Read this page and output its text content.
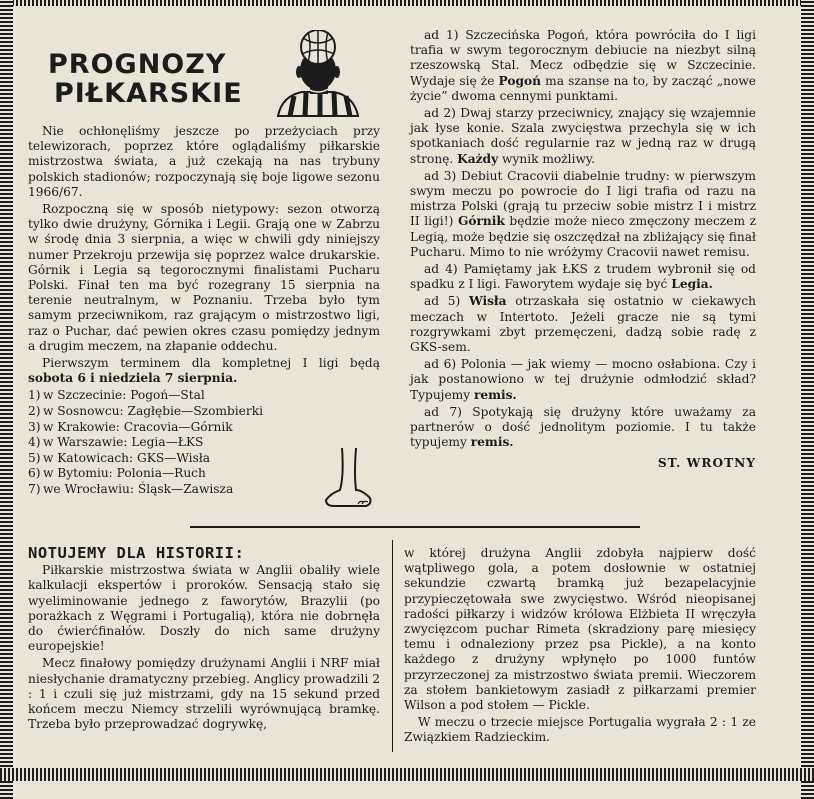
PROGNOZY
PIŁKARSKIE

Nie ochłonęliśmy jeszcze po przeżyciach przy telewizorach, poprzez które oglądaliśmy piłkarskie mistrzostwa świata, a już czekają na nas trybuny polskich stadionów; rozpoczynają się boje ligowe sezonu 1966/67.

Rozpoczną się w sposób nietypowy: sezon otworzą tylko dwie drużyny, Górnika i Legii. Grają one w Zabrzu w środę dnia 3 sierpnia, a więc w chwili gdy niniejszy numer Przekroju przewija się poprzez walce drukarskie. Górnik i Legia są tegorocznymi finalistami Pucharu Polski. Finał ten ma być rozegrany 15 sierpnia na terenie neutralnym, w Poznaniu. Trzeba było tym samym przeciwnikom, raz grającym o mistrzostwo ligi, raz o Puchar, dać pewien okres czasu pomiędzy jednym a drugim meczem, na złapanie oddechu.

Pierwszym terminem dla kompletnej I ligi będą sobota 6 i niedziela 7 sierpnia.

1) w Szczecinie: Pogoń—Stal
2) w Sosnowcu: Zagłębie—Szombierki
3) w Krakowie: Cracovia—Górnik
4) w Warszawie: Legia—ŁKS
5) w Katowicach: GKS—Wisła
6) w Bytomiu: Polonia—Ruch
7) we Wrocławiu: Śląsk—Zawisza

ad 1) Szczecińska Pogoń, która powróciła do I ligi trafia w swym tegorocznym debiucie na niezbyt silną rzeszowską Stal. Mecz odbędzie się w Szczecinie. Wydaje się że Pogoń ma szanse na to, by zacząć „nowe życie” dwoma cennymi punktami.

ad 2) Dwaj starzy przeciwnicy, znający się wzajemnie jak łyse konie. Szala zwycięstwa przechyla się w ich spotkaniach dość regularnie raz w jedną raz w drugą stronę. Każdy wynik możliwy.

ad 3) Debiut Cracovii diabelnie trudny: w pierwszym swym meczu po powrocie do I ligi trafia od razu na mistrza Polski (grają tu przeciw sobie mistrz I i mistrz II ligi!) Górnik będzie może nieco zmęczony meczem z Legią, może będzie się oszczędzał na zbliżający się finał Pucharu. Mimo to nie wróżymy Cracovii nawet remisu.

ad 4) Pamiętamy jak ŁKS z trudem wybronił się od spadku z I ligi. Faworytem wydaje się być Legia.

ad 5) Wisła otrzaskała się ostatnio w ciekawych meczach w Intertoto. Jeżeli gracze nie są tymi rozgrywkami zbyt przemęczeni, dadzą sobie radę z GKS-sem.

ad 6) Polonia — jak wiemy — mocno osłabiona. Czy i jak postanowiono w tej drużynie odmłodzić skład? Typujemy remis.

ad 7) Spotykają się drużyny które uważamy za partnerów o dość jednolitym poziomie. I tu także typujemy remis.

ST. WROTNY

NOTUJEMY DLA HISTORII:

Piłkarskie mistrzostwa świata w Anglii obaliły wiele kalkulacji ekspertów i proroków. Sensacją stało się wyeliminowanie jednego z faworytów, Brazylii (po porażkach z Węgrami i Portugalią), która nie dobrnęła do ćwierćfinałów. Doszły do nich same drużyny europejskie!

Mecz finałowy pomiędzy drużynami Anglii i NRF miał niesłychanie dramatyczny przebieg. Anglicy prowadzili 2 : 1 i czuli się już mistrzami, gdy na 15 sekund przed końcem meczu Niemcy strzelili wyrównującą bramkę. Trzeba było przeprowadzać dogrywkę,

w której drużyna Anglii zdobyła najpierw dość wątpliwego gola, a potem dosłownie w ostatniej sekundzie czwartą bramką już bezapelacyjnie przypieczętowała swe zwycięstwo. Wśród nieopisanej radości piłkarzy i widzów królowa Elżbieta II wręczyła zwycięzcom puchar Rimeta (skradziony parę miesięcy temu i odnaleziony przez psa Pickle), a na konto każdego z drużyny wpłynęło po 1000 funtów przyrzeczonej za mistrzostwo świata premii. Wieczorem za stołem bankietowym zasiadł z piłkarzami premier Wilson a pod stołem — Pickle.

W meczu o trzecie miejsce Portugalia wygrała 2 : 1 ze Związkiem Radzieckim.
